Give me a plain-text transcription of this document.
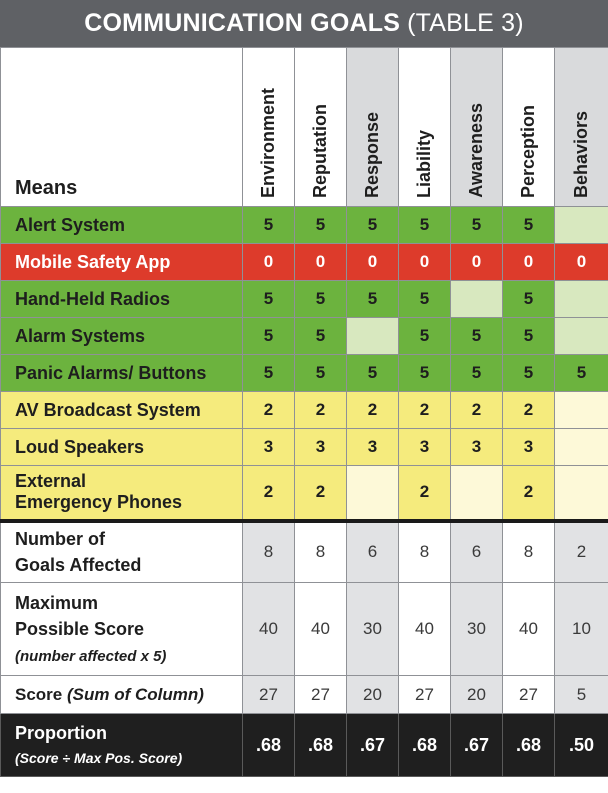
COMMUNICATION GOALS (TABLE 3)
Means	Environment	Reputation	Response	Liability	Awareness	Perception	Behaviors

Alert System	5	5	5	5	5	5	
Mobile Safety App	0	0	0	0	0	0	0
Hand-Held Radios	5	5	5	5		5	
Alarm Systems	5	5		5	5	5	
Panic Alarms/ Buttons	5	5	5	5	5	5	5
AV Broadcast System	2	2	2	2	2	2	
Loud Speakers	3	3	3	3	3	3	
External
Emergency Phones	2	2		2		2	
Number of
Goals Affected	8	8	6	8	6	8	2
Maximum
Possible Score
(number affected x 5)	40	40	30	40	30	40	10
Score (Sum of Column)	27	27	20	27	20	27	5
Proportion
(Score ÷ Max Pos. Score)	.68	.68	.67	.68	.67	.68	.50
